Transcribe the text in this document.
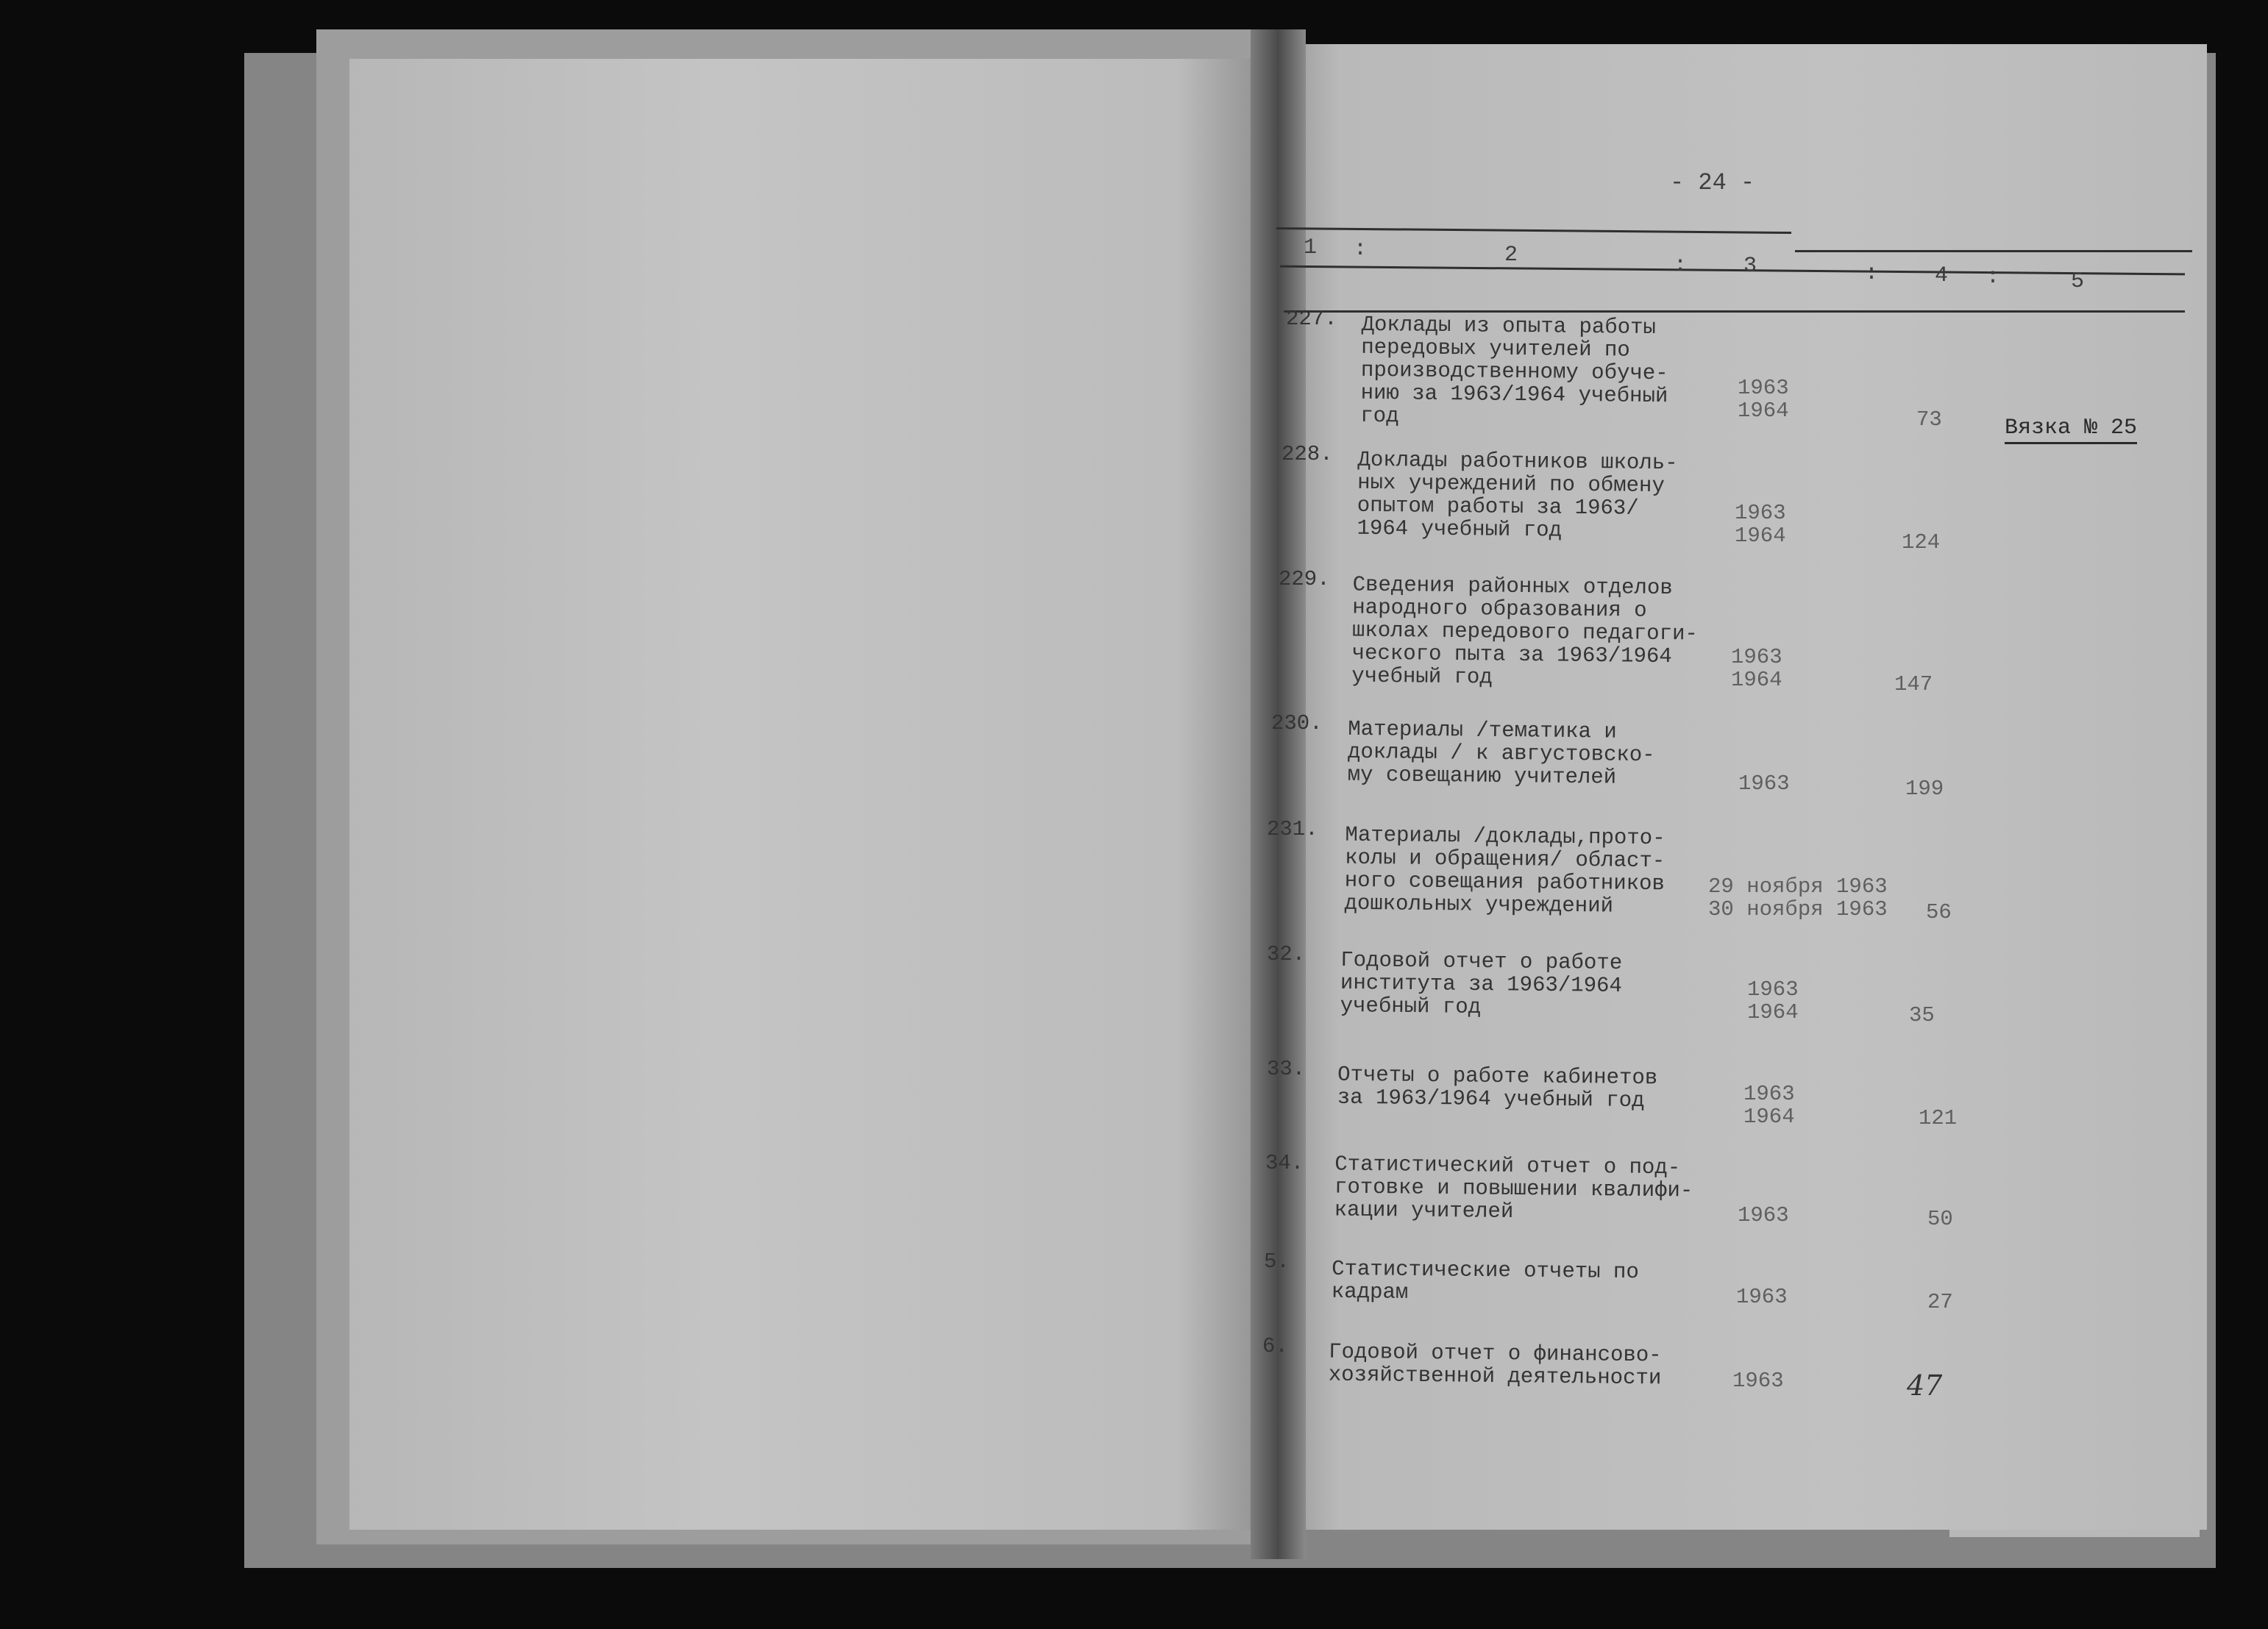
- 24 -
1 :	2	:	3	:	4 :	5
227. Доклады из опыта работы
передовых учителей по
производственному обуче-
нию за 1963/1964 учебный
год
1963
1964	73
228. Доклады работников школь-
ных учреждений по обмену
опытом работы за 1963/
1964 учебный год
1963
1964	124
229. Сведения районных отделов
народного образования о
школах передового педагоги-
ческого пыта за 1963/1964
учебный год
1963
1964	147
230. Материалы /тематика и
доклады / к августовско-
му совещанию учителей	1963	199
231. Материалы /доклады,прото-
колы и обращения/ област-
ного совещания работников
дошкольных учреждений
29 ноября 1963
30 ноября 1963 56
32. Годовой отчет о работе
института за 1963/1964
учебный год
1963
1964	35
33. Отчеты о работе кабинетов
за 1963/1964 учебный год	1963
1964	121
34. Статистический отчет о под-
готовке и повышении квалифи-
кации учителей	1963	50
5. Статистические отчеты по
кадрам	1963	27
6. Годовой отчет о финансово-
хозяйственной деятельности	1963	47
Вязка № 25
